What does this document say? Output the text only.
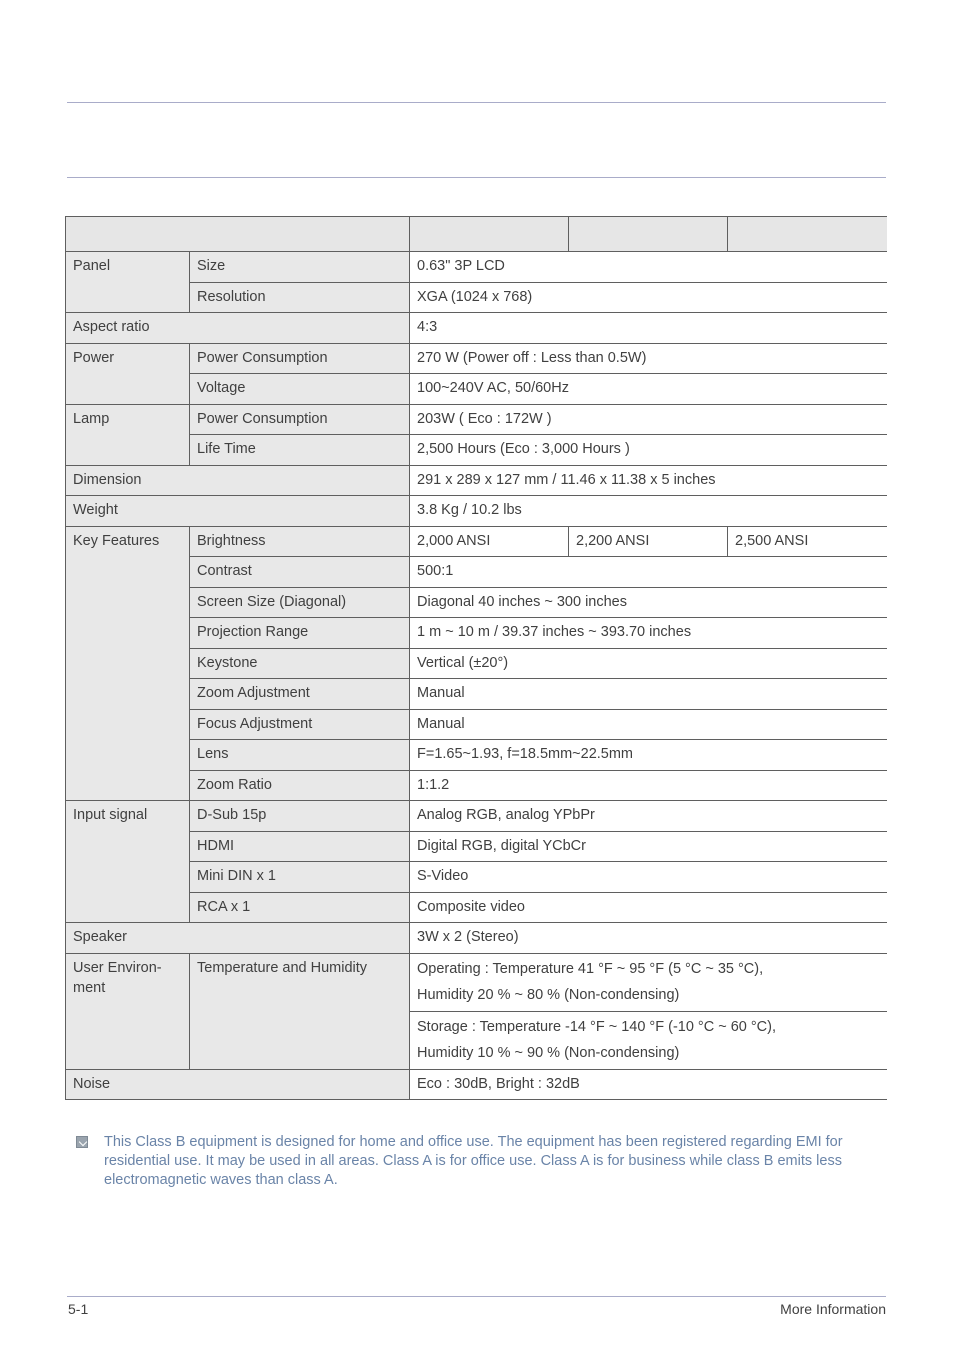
Panel	Size	0.63" 3P LCD		
	Resolution	XGA (1024 x 768)		
Aspect ratio		4:3		
Power	Power Consumption	270 W (Power off : Less than 0.5W)		
	Voltage	100~240V AC, 50/60Hz		
Lamp	Power Consumption	203W ( Eco : 172W )		
	Life Time	2,500 Hours (Eco : 3,000 Hours )		
Dimension		291 x 289 x 127 mm / 11.46 x 11.38 x 5 inches		
Weight		3.8 Kg / 10.2 lbs		
Key Features	Brightness	2,000 ANSI	2,200 ANSI	2,500 ANSI
	Contrast	500:1		
	Screen Size (Diagonal)	Diagonal 40 inches ~ 300 inches		
	Projection Range	1 m ~ 10 m / 39.37 inches ~ 393.70 inches		
	Keystone	Vertical (±20°)		
	Zoom Adjustment	Manual		
	Focus Adjustment	Manual		
	Lens	F=1.65~1.93, f=18.5mm~22.5mm		
	Zoom Ratio	1:1.2		
Input signal	D-Sub 15p	Analog RGB, analog YPbPr		
	HDMI	Digital RGB, digital YCbCr		
	Mini DIN x 1	S-Video		
	RCA x 1	Composite video		
Speaker		3W x 2 (Stereo)		
User Environ-
ment	Temperature and Humidity	Operating : Temperature 41 °F ~ 95 °F (5 °C ~ 35 °C),
Humidity 20 % ~ 80 % (Non-condensing)		
		Storage : Temperature -14 °F ~ 140 °F (-10 °C ~ 60 °C),
Humidity 10 % ~ 90 % (Non-condensing)		
Noise		Eco : 30dB, Bright : 32dB		
This Class B equipment is designed for home and office use. The equipment has been registered regarding EMI for residential use. It may be used in all areas. Class A is for office use. Class A is for business while class B emits less electromagnetic waves than class A.
5-1	More Information
